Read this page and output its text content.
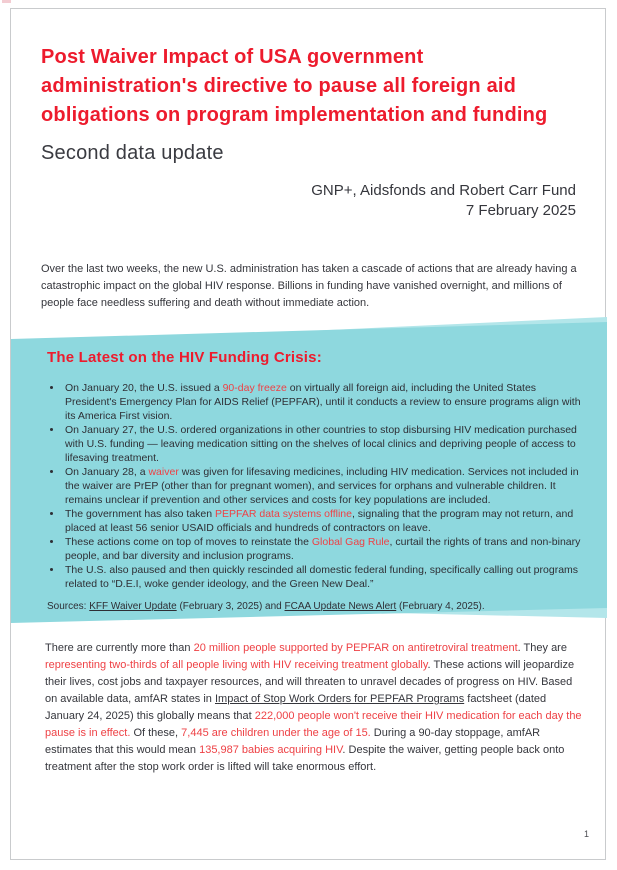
Post Waiver Impact of USA government
administration's directive to pause all foreign aid
obligations on program implementation and funding
Second data update
GNP+, Aidsfonds and Robert Carr Fund
7 February 2025

Over the last two weeks, the new U.S. administration has taken a cascade of actions that are already having a catastrophic impact on the global HIV response. Billions in funding have vanished overnight, and millions of people face needless suffering and death without immediate action.

The Latest on the HIV Funding Crisis:
• On January 20, the U.S. issued a 90-day freeze on virtually all foreign aid, including the United States President's Emergency Plan for AIDS Relief (PEPFAR), until it conducts a review to ensure programs align with its America First vision.
• On January 27, the U.S. ordered organizations in other countries to stop disbursing HIV medication purchased with U.S. funding — leaving medication sitting on the shelves of local clinics and depriving people of access to lifesaving treatment.
• On January 28, a waiver was given for lifesaving medicines, including HIV medication. Services not included in the waiver are PrEP (other than for pregnant women), and services for orphans and vulnerable children. It remains unclear if prevention and other services and costs for key populations are included.
• The government has also taken PEPFAR data systems offline, signaling that the program may not return, and placed at least 56 senior USAID officials and hundreds of contractors on leave.
• These actions come on top of moves to reinstate the Global Gag Rule, curtail the rights of trans and non-binary people, and bar diversity and inclusion programs.
• The U.S. also paused and then quickly rescinded all domestic federal funding, specifically calling out programs related to “D.E.I, woke gender ideology, and the Green New Deal.”
Sources: KFF Waiver Update (February 3, 2025) and FCAA Update News Alert (February 4, 2025).

There are currently more than 20 million people supported by PEPFAR on antiretroviral treatment. They are representing two-thirds of all people living with HIV receiving treatment globally. These actions will jeopardize their lives, cost jobs and taxpayer resources, and will threaten to unravel decades of progress on HIV. Based on available data, amfAR states in Impact of Stop Work Orders for PEPFAR Programs factsheet (dated January 24, 2025) this globally means that 222,000 people won't receive their HIV medication for each day the pause is in effect. Of these, 7,445 are children under the age of 15. During a 90-day stoppage, amfAR estimates that this would mean 135,987 babies acquiring HIV. Despite the waiver, getting people back onto treatment after the stop work order is lifted will take enormous effort.

1
